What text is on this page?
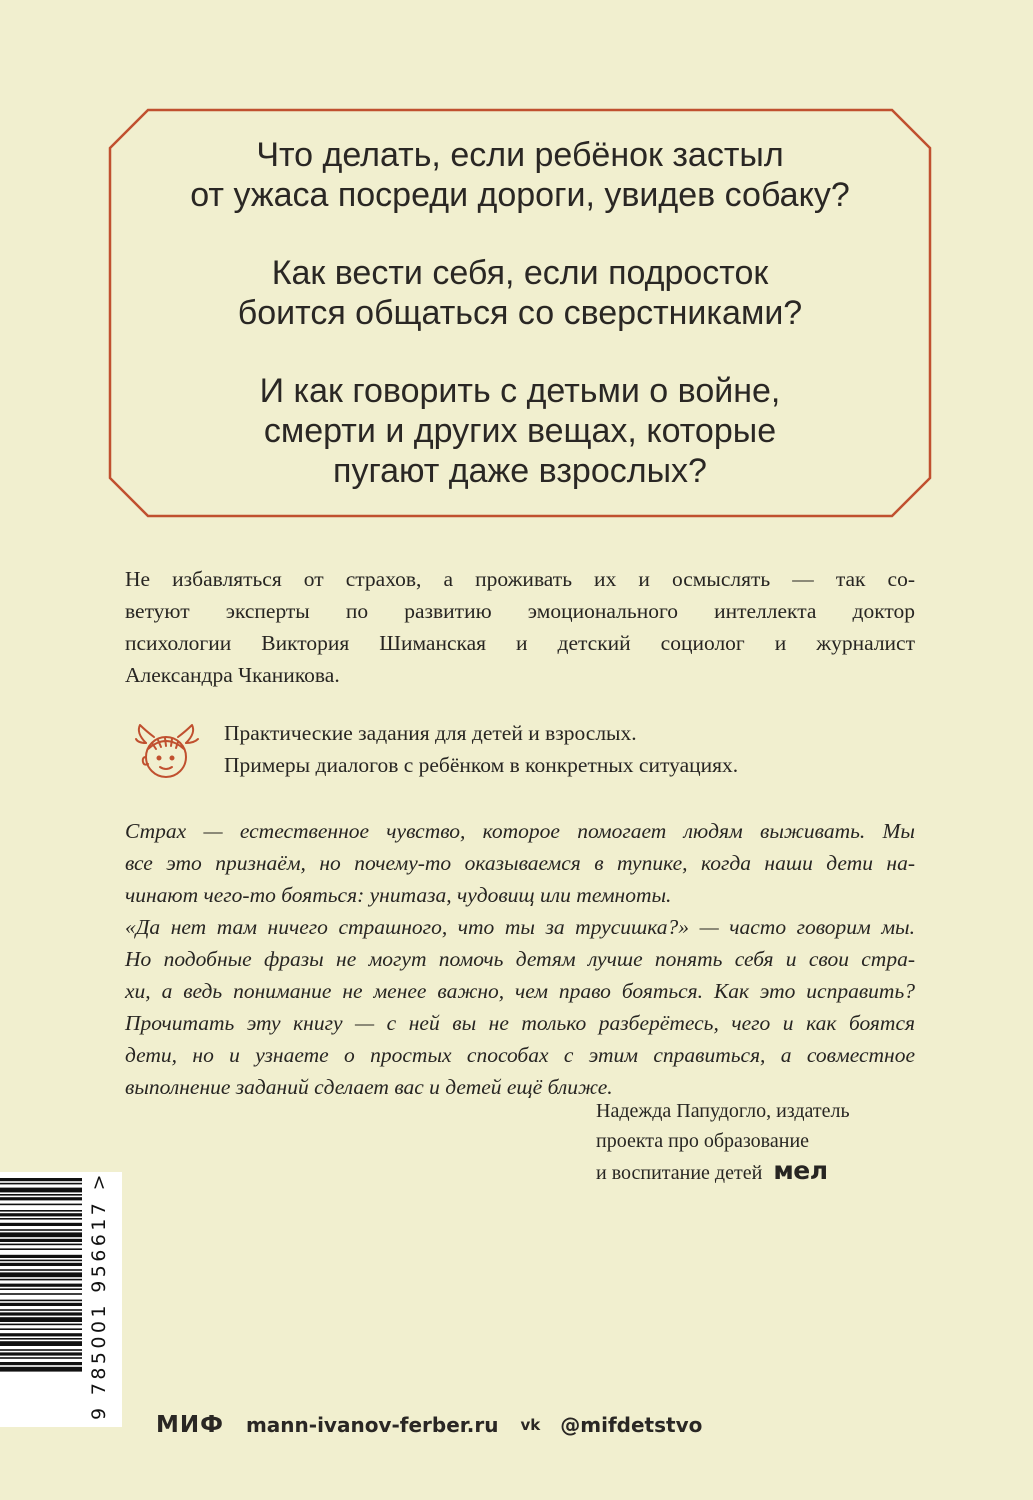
Что делать, если ребёнок застыл
от ужаса посреди дороги, увидев собаку?

Как вести себя, если подросток
боится общаться со сверстниками?

И как говорить с детьми о войне,
смерти и других вещах, которые
пугают даже взрослых?

Не избавляться от страхов, а проживать их и осмыслять — так со-
ветуют эксперты по развитию эмоционального интеллекта доктор
психологии Виктория Шиманская и детский социолог и журналист
Александра Чканикова.
Практические задания для детей и взрослых.
Примеры диалогов с ребёнком в конкретных ситуациях.
Страх — естественное чувство, которое помогает людям выживать. Мы
все это признаём, но почему-то оказываемся в тупике, когда наши дети на-
чинают чего-то бояться: унитаза, чудовищ или темноты.
«Да нет там ничего страшного, что ты за трусишка?» — часто говорим мы.
Но подобные фразы не могут помочь детям лучше понять себя и свои стра-
хи, а ведь понимание не менее важно, чем право бояться. Как это исправить?
Прочитать эту книгу — с ней вы не только разберётесь, чего и как боятся
дети, но и узнаете о простых способах с этим справиться, а совместное
выполнение заданий сделает вас и детей ещё ближе.
Надежда Папудогло, издатель
проекта про образование
и воспитание детей мел
9 785001 956617 >
МИФ mann-ivanov-ferber.ru vk @mifdetstvo
